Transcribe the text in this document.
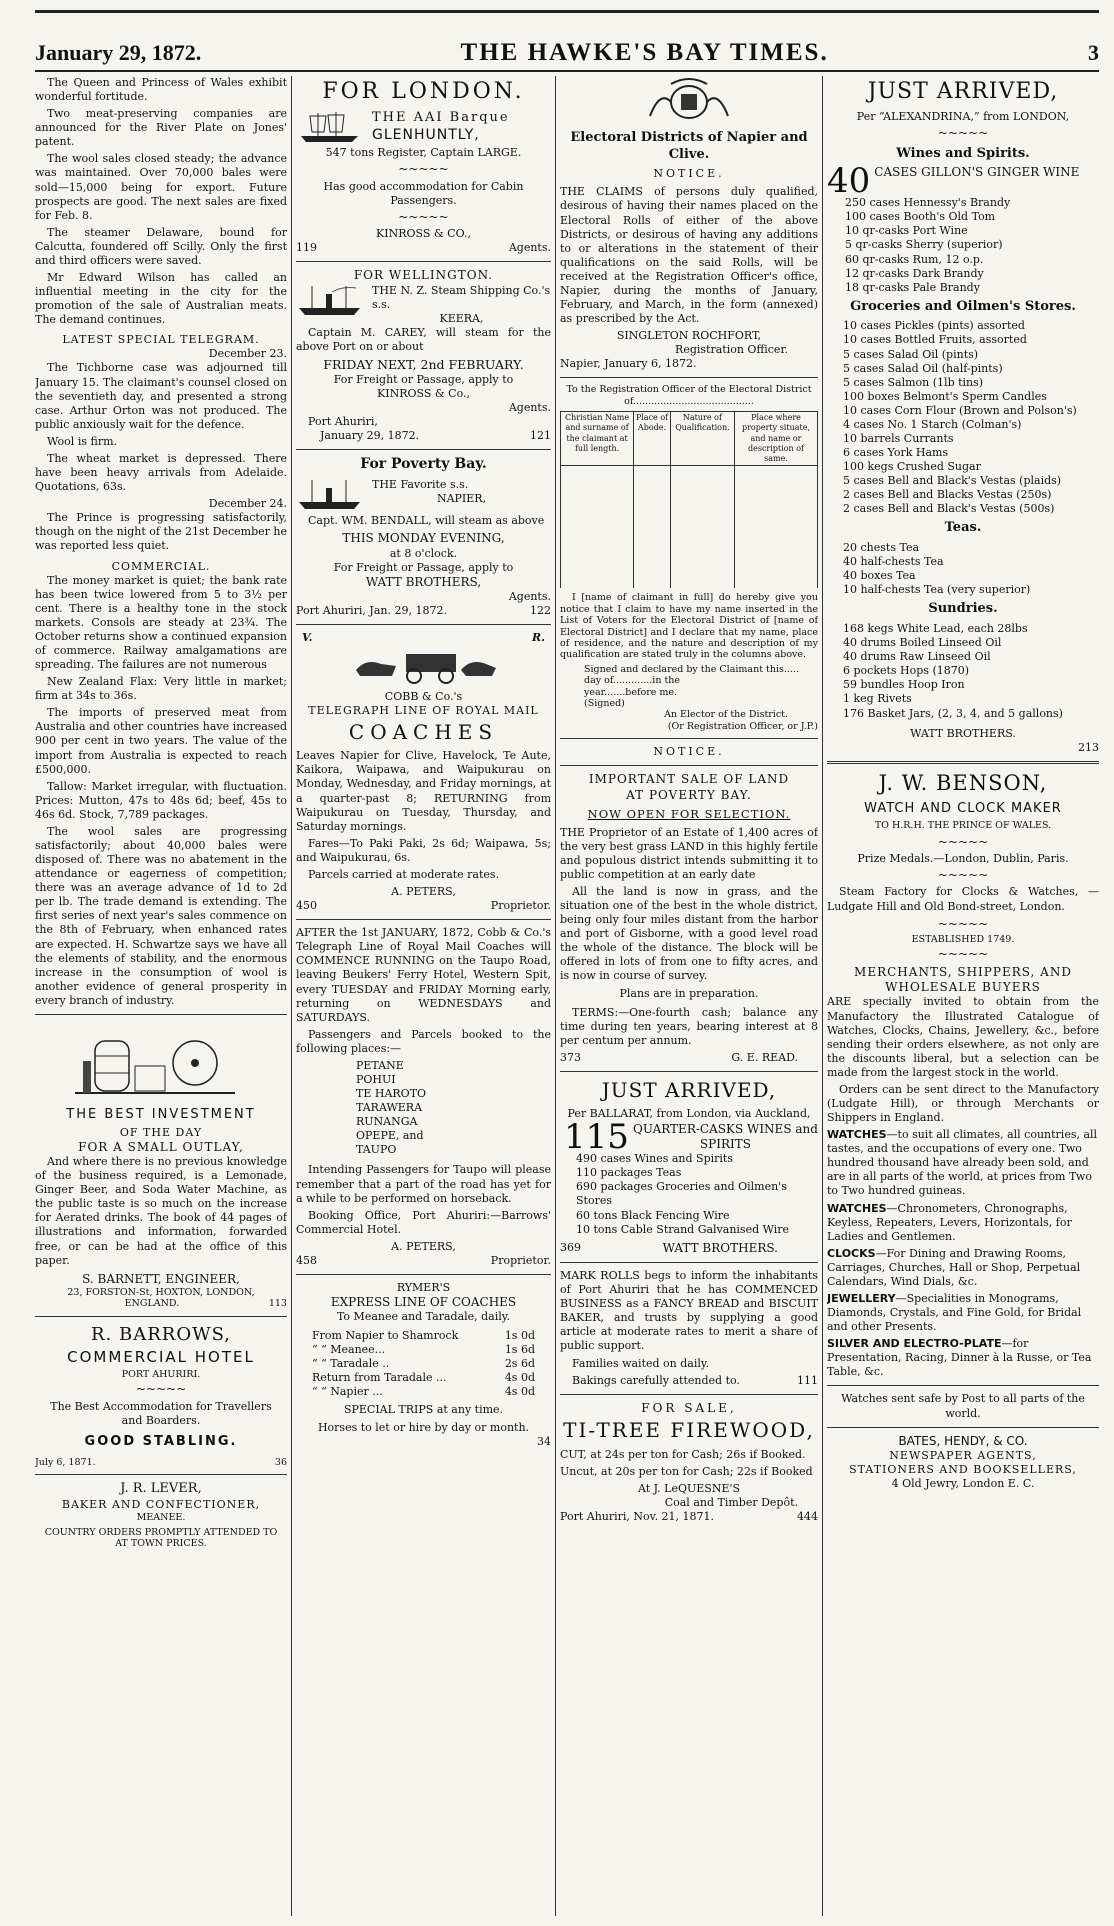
January 29, 1872.	THE HAWKE'S BAY TIMES.	3

The Queen and Princess of Wales exhibit wonderful fortitude.

Two meat-preserving companies are announced for the River Plate on Jones' patent.

The wool sales closed steady; the advance was maintained. Over 70,000 bales were sold—15,000 being for export. Future prospects are good. The next sales are fixed for Feb. 8.

The steamer Delaware, bound for Calcutta, foundered off Scilly. Only the first and third officers were saved.

Mr Edward Wilson has called an influential meeting in the city for the promotion of the sale of Australian meats. The demand continues.

LATEST SPECIAL TELEGRAM.
December 23.

The Tichborne case was adjourned till January 15. The claimant's counsel closed on the seventieth day, and presented a strong case. Arthur Orton was not produced. The public anxiously wait for the defence.

Wool is firm.

The wheat market is depressed. There have been heavy arrivals from Adelaide. Quotations, 63s.

December 24.

The Prince is progressing satisfactorily, though on the night of the 21st December he was reported less quiet.

COMMERCIAL.

The money market is quiet; the bank rate has been twice lowered from 5 to 3½ per cent. There is a healthy tone in the stock markets. Consols are steady at 23¾. The October returns show a continued expansion of commerce. Railway amalgamations are spreading. The failures are not numerous

New Zealand Flax: Very little in market; firm at 34s to 36s.

The imports of preserved meat from Australia and other countries have increased 900 per cent in two years. The value of the import from Australia is expected to reach £500,000.

Tallow: Market irregular, with fluctuation. Prices: Mutton, 47s to 48s 6d; beef, 45s to 46s 6d. Stock, 7,789 packages.

The wool sales are progressing satisfactorily; about 40,000 bales were disposed of. There was no abatement in the attendance or eagerness of competition; there was an average advance of 1d to 2d per lb. The trade demand is extending. The first series of next year's sales commence on the 8th of February, when enhanced rates are expected. H. Schwartze says we have all the elements of stability, and the enormous increase in the consumption of wool is another evidence of general prosperity in every branch of industry.

THE BEST INVESTMENT
OF THE DAY
FOR A SMALL OUTLAY,

And where there is no previous knowledge of the business required, is a Lemonade, Ginger Beer, and Soda Water Machine, as the public taste is so much on the increase for Aerated drinks. The book of 44 pages of illustrations and information, forwarded free, or can be had at the office of this paper.

S. BARNETT, ENGINEER,
23, FORSTON-St, HOXTON, LONDON,
ENGLAND.	113
R. BARROWS,
COMMERCIAL HOTEL
PORT AHURIRI.
~~~~~
The Best Accommodation for Travellers
and Boarders.
GOOD STABLING.
July 6, 1871.	36
J. R. LEVER,
BAKER AND CONFECTIONER,
MEANEE.
COUNTRY ORDERS PROMPTLY ATTENDED TO
AT TOWN PRICES.
FOR LONDON.
THE AAI Barque
GLENHUNTLY,
547 tons Register, Captain LARGE.
~~~~~
Has good accommodation for Cabin Passengers.
~~~~~
KINROSS & CO.,
119	Agents.
FOR WELLINGTON.
THE N. Z. Steam Shipping Co.'s s.s.
KEERA,

Captain M. CAREY, will steam for the above Port on or about

FRIDAY NEXT, 2nd FEBRUARY.
For Freight or Passage, apply to
KINROSS & Co.,
Agents.
Port Ahuriri,
January 29, 1872.	121
For Poverty Bay.
THE Favorite s.s.
NAPIER,

Capt. WM. BENDALL, will steam as above

THIS MONDAY EVENING,
at 8 o'clock.
For Freight or Passage, apply to
WATT BROTHERS,
Agents.
Port Ahuriri, Jan. 29, 1872.	122
V.	R.
COBB & Co.'s
TELEGRAPH LINE OF ROYAL MAIL
COACHES

Leaves Napier for Clive, Havelock, Te Aute, Kaikora, Waipawa, and Waipukurau on Monday, Wednesday, and Friday mornings, at a quarter-past 8; RETURNING from Waipukurau on Tuesday, Thursday, and Saturday mornings.

Fares—To Paki Paki, 2s 6d; Waipawa, 5s; and Waipukurau, 6s.

Parcels carried at moderate rates.

A. PETERS,
450	Proprietor.

AFTER the 1st JANUARY, 1872, Cobb & Co.'s Telegraph Line of Royal Mail Coaches will COMMENCE RUNNING on the Taupo Road, leaving Beukers' Ferry Hotel, Western Spit, every TUESDAY and FRIDAY Morning early, returning on WEDNESDAYS and SATURDAYS.

Passengers and Parcels booked to the following places:—

PETANE
POHUI
TE HAROTO
TARAWERA
RUNANGA
OPEPE, and
TAUPO

Intending Passengers for Taupo will please remember that a part of the road has yet for a while to be performed on horseback.

Booking Office, Port Ahuriri:—Barrows' Commercial Hotel.

A. PETERS,
458	Proprietor.
RYMER'S
EXPRESS LINE OF COACHES
To Meanee and Taradale, daily.
From Napier to Shamrock	1s 0d
“ “ Meanee...	1s 6d
“ “ Taradale ..	2s 6d
Return from Taradale ...	4s 0d
“ “ Napier ...	4s 0d
SPECIAL TRIPS at any time.
Horses to let or hire by day or month.
34
Electoral Districts of Napier and Clive.
NOTICE.

THE CLAIMS of persons duly qualified, desirous of having their names placed on the Electoral Rolls of either of the above Districts, or desirous of having any additions to or alterations in the statement of their qualifications on the said Rolls, will be received at the Registration Officer's office, Napier, during the months of January, February, and March, in the form (annexed) as prescribed by the Act.

SINGLETON ROCHFORT,
Registration Officer.
Napier, January 6, 1872.
To the Registration Officer of the Electoral District of........................................
Christian Name and surname of the claimant at full length.	Place of Abode.	Nature of Qualification.	Place where property situate, and name or description of same.

I [name of claimant in full] do hereby give you notice that I claim to have my name inserted in the List of Voters for the Electoral District of [name of Electoral District] and I declare that my name, place of residence, and the nature and description of my qualification are stated truly in the columns above.

Signed and declared by the Claimant this.....
day of.............in the
year.......before me.
(Signed)
An Elector of the District.
(Or Registration Officer, or J.P.)
NOTICE.
IMPORTANT SALE OF LAND
AT POVERTY BAY.
NOW OPEN FOR SELECTION.

THE Proprietor of an Estate of 1,400 acres of the very best grass LAND in this highly fertile and populous district intends submitting it to public competition at an early date

All the land is now in grass, and the situation one of the best in the whole district, being only four miles distant from the harbor and port of Gisborne, with a good level road the whole of the distance. The block will be offered in lots of from one to fifty acres, and is now in course of survey.

Plans are in preparation.

TERMS:—One-fourth cash; balance any time during ten years, bearing interest at 8 per centum per annum.

373	G. E. READ.
JUST ARRIVED,
Per BALLARAT, from London, via Auckland,
115 QUARTER-CASKS WINES and SPIRITS
490 cases Wines and Spirits
110 packages Teas
690 packages Groceries and Oilmen's Stores
60 tons Black Fencing Wire
10 tons Cable Strand Galvanised Wire
369	WATT BROTHERS.

MARK ROLLS begs to inform the inhabitants of Port Ahuriri that he has COMMENCED BUSINESS as a FANCY BREAD and BISCUIT BAKER, and trusts by supplying a good article at moderate rates to merit a share of public support.

Families waited on daily.

Bakings carefully attended to.	111
FOR SALE,
TI-TREE FIREWOOD,

CUT, at 24s per ton for Cash; 26s if Booked.

Uncut, at 20s per ton for Cash; 22s if Booked

At J. LeQUESNE'S
Coal and Timber Depôt.
Port Ahuriri, Nov. 21, 1871.	444
JUST ARRIVED,
Per “ALEXANDRINA,” from LONDON,
~~~~~
Wines and Spirits.
40 CASES GILLON'S GINGER WINE
250 cases Hennessy's Brandy
100 cases Booth's Old Tom
10 qr-casks Port Wine
5 qr-casks Sherry (superior)
60 qr-casks Rum, 12 o.p.
12 qr-casks Dark Brandy
18 qr-casks Pale Brandy
Groceries and Oilmen's Stores.
10 cases Pickles (pints) assorted
10 cases Bottled Fruits, assorted
5 cases Salad Oil (pints)
5 cases Salad Oil (half-pints)
5 cases Salmon (1lb tins)
100 boxes Belmont's Sperm Candles
10 cases Corn Flour (Brown and Polson's)
4 cases No. 1 Starch (Colman's)
10 barrels Currants
6 cases York Hams
100 kegs Crushed Sugar
5 cases Bell and Black's Vestas (plaids)
2 cases Bell and Blacks Vestas (250s)
2 cases Bell and Black's Vestas (500s)
Teas.
20 chests Tea
40 half-chests Tea
40 boxes Tea
10 half-chests Tea (very superior)
Sundries.
168 kegs White Lead, each 28lbs
40 drums Boiled Linseed Oil
40 drums Raw Linseed Oil
6 pockets Hops (1870)
59 bundles Hoop Iron
1 keg Rivets
176 Basket Jars, (2, 3, 4, and 5 gallons)
WATT BROTHERS.
213
J. W. BENSON,
WATCH AND CLOCK MAKER
TO H.R.H. THE PRINCE OF WALES.
~~~~~
Prize Medals.—London, Dublin, Paris.
~~~~~

Steam Factory for Clocks & Watches, —Ludgate Hill and Old Bond-street, London.

~~~~~
ESTABLISHED 1749.
~~~~~
MERCHANTS, SHIPPERS, AND
WHOLESALE BUYERS

ARE specially invited to obtain from the Manufactory the Illustrated Catalogue of Watches, Clocks, Chains, Jewellery, &c., before sending their orders elsewhere, as not only are the discounts liberal, but a selection can be made from the largest stock in the world.

Orders can be sent direct to the Manufactory (Ludgate Hill), or through Merchants or Shippers in England.

WATCHES—to suit all climates, all countries, all tastes, and the occupations of every one. Two hundred thousand have already been sold, and are in all parts of the world, at prices from Two to Two hundred guineas.
WATCHES—Chronometers, Chronographs, Keyless, Repeaters, Levers, Horizontals, for Ladies and Gentlemen.
CLOCKS—For Dining and Drawing Rooms, Carriages, Churches, Hall or Shop, Perpetual Calendars, Wind Dials, &c.
JEWELLERY—Specialities in Monograms, Diamonds, Crystals, and Fine Gold, for Bridal and other Presents.
SILVER AND ELECTRO-PLATE—for Presentation, Racing, Dinner à la Russe, or Tea Table, &c.
Watches sent safe by Post to all parts of the world.
BATES, HENDY, & CO.
NEWSPAPER AGENTS,
STATIONERS AND BOOKSELLERS,
4 Old Jewry, London E. C.
